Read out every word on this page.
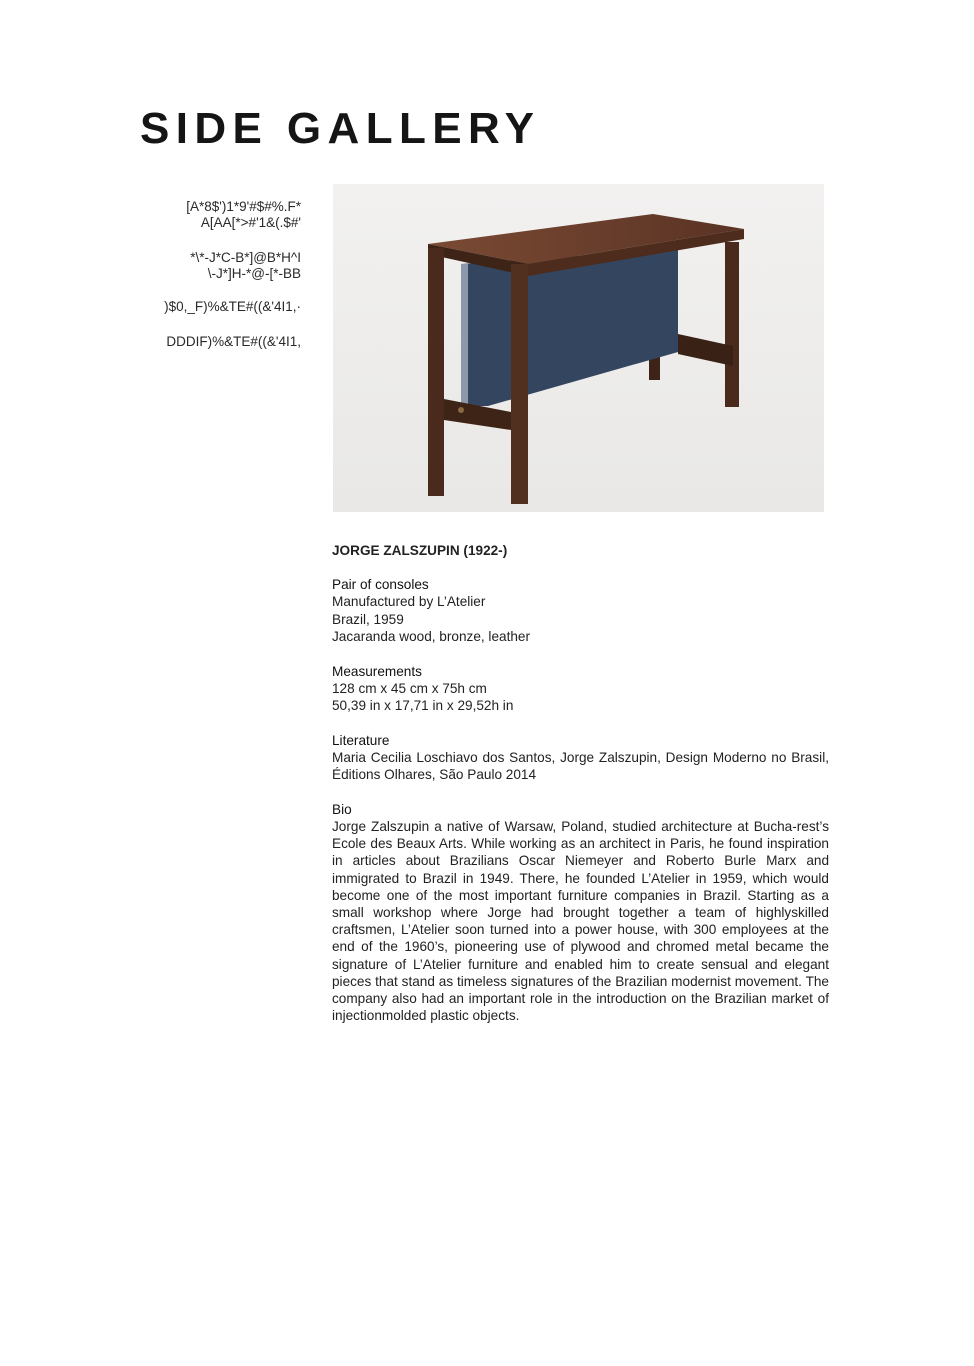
SIDE GALLERY
[A*8$')1*9'#$#%.F*
A[AA[*>#'1&(.$#'
*\*-J*C-B*]@B*H^I
\-J*]H-*@-[*-BB
)$0,_F)%&TE#((&'4I1,·
DDDIF)%&TE#((&'4I1,
JORGE ZALSZUPIN (1922-)
Pair of consoles
Manufactured by L’Atelier
Brazil, 1959
Jacaranda wood, bronze, leather
Measurements
128 cm x 45 cm x 75h cm
50,39 in x 17,71 in x 29,52h in
Literature
Maria Cecilia Loschiavo dos Santos, Jorge Zalszupin, Design Moderno no Brasil, Éditions Olhares, São Paulo 2014
Bio
Jorge Zalszupin a native of Warsaw, Poland, studied architecture at Bucha-rest’s Ecole des Beaux Arts. While working as an architect in Paris, he found inspiration in articles about Brazilians Oscar Niemeyer and Roberto Burle Marx and immigrated to Brazil in 1949. There, he founded L’Atelier in 1959, which would become one of the most important furniture companies in Brazil. Starting as a small workshop where Jorge had brought together a team of highlyskilled craftsmen, L’Atelier soon turned into a power house, with 300 employees at the end of the 1960’s, pioneering use of plywood and chromed metal became the signature of L’Atelier furniture and enabled him to create sensual and elegant pieces that stand as timeless signatures of the Brazilian modernist movement. The company also had an important role in the introduction on the Brazilian market of injectionmolded plastic objects.
